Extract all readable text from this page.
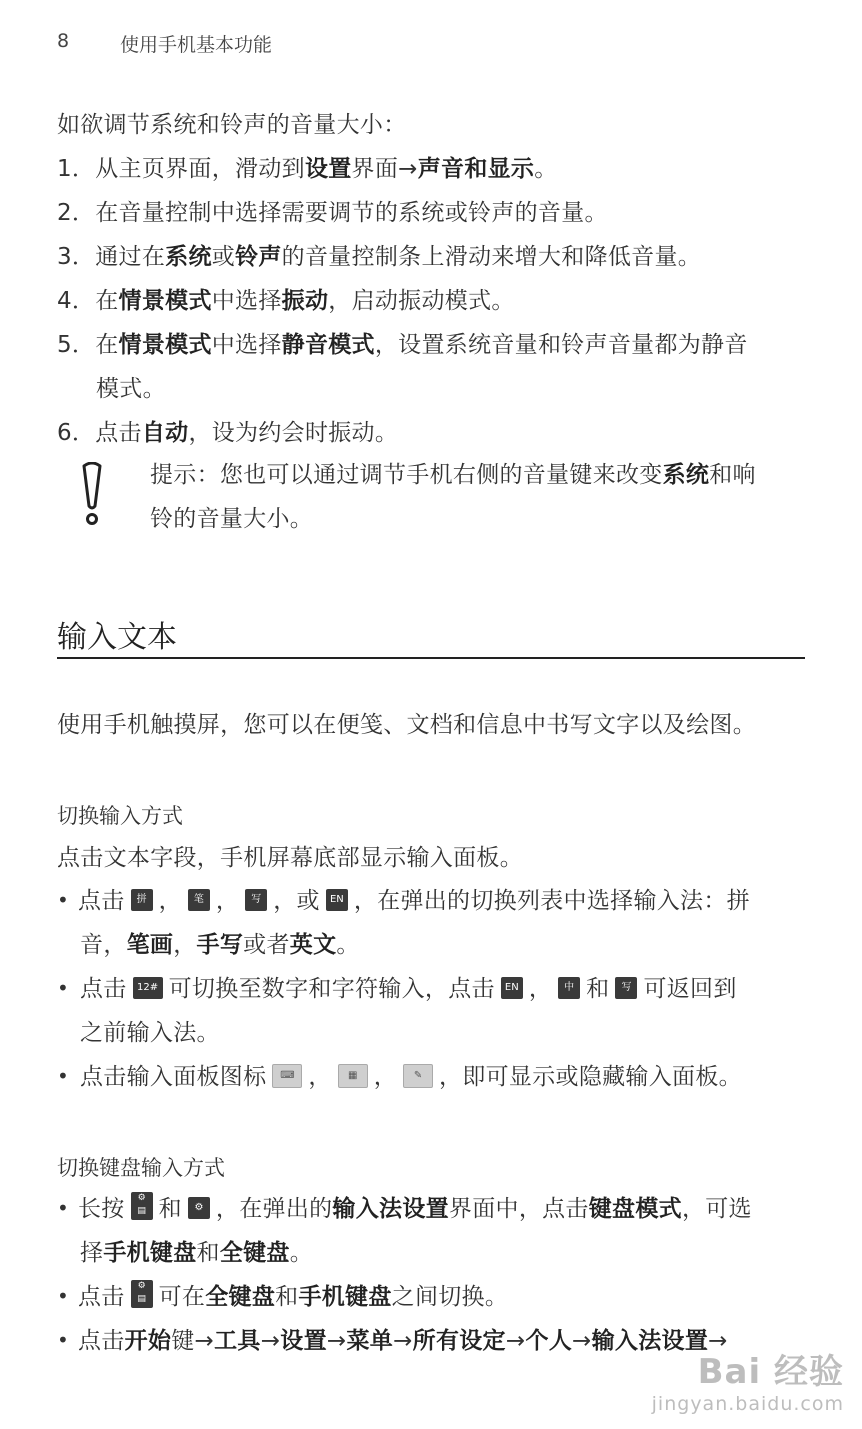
8	使用手机基本功能
如欲调节系统和铃声的音量大小：
1．从主页界面，滑动到设置界面→声音和显示。
2．在音量控制中选择需要调节的系统或铃声的音量。
3．通过在系统或铃声的音量控制条上滑动来增大和降低音量。
4．在情景模式中选择振动，启动振动模式。
5．在情景模式中选择静音模式，设置系统音量和铃声音量都为静音
模式。
6．点击自动，设为约会时振动。
提示：您也可以通过调节手机右侧的音量键来改变系统和响
铃的音量大小。
输入文本
使用手机触摸屏，您可以在便笺、文档和信息中书写文字以及绘图。
切换输入方式
点击文本字段，手机屏幕底部显示输入面板。
• 点击 拼 ， 笔 ， 写 ，或 EN ，在弹出的切换列表中选择输入法：拼
音，笔画，手写或者英文。
• 点击 12# 可切换至数字和字符输入，点击 EN ， 中 和 写 可返回到
之前输入法。
• 点击输入面板图标 ⌨ ， ▦ ， ✎ ，即可显示或隐藏输入面板。
切换键盘输入方式
• 长按 ⚙
▤ 和 ⚙ ，在弹出的输入法设置界面中，点击键盘模式，可选
择手机键盘和全键盘。
• 点击 ⚙
▤ 可在全键盘和手机键盘之间切换。
• 点击开始键→工具→设置→菜单→所有设定→个人→输入法设置→
Bai 经验
jingyan.baidu.com
